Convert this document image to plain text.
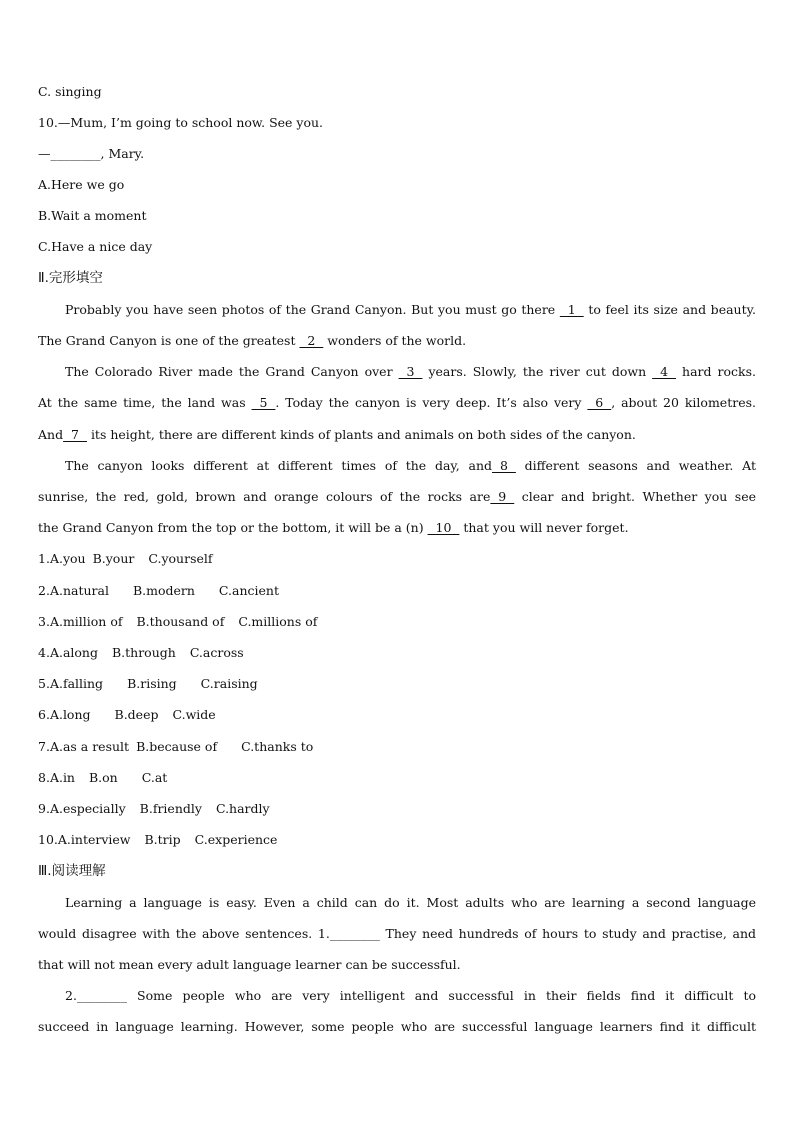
C. singing
10.—Mum, I’m going to school now. See you.
—________, Mary.
A.Here we go
B.Wait a moment
C.Have a nice day
Ⅱ.完形填空
Probably you have seen photos of the Grand Canyon. But you must go there   1   to feel its size and beauty.
The Grand Canyon is one of the greatest   2   wonders of the world.
The Colorado River made the Grand Canyon over   3   years. Slowly, the river cut down   4   hard rocks.
At the same time, the land was   5  . Today the canyon is very deep. It’s also very   6  , about 20 kilometres.
And  7   its height, there are different kinds of plants and animals on both sides of the canyon.
The canyon looks different at different times of the day, and  8   different seasons and weather. At
sunrise, the red, gold, brown and orange colours of the rocks are  9   clear and bright. Whether you see
the Grand Canyon from the top or the bottom, it will be a (n)   10   that you will never forget.
1.A.you B.your C.yourself
2.A.natural B.modern C.ancient
3.A.million of B.thousand of C.millions of
4.A.along B.through C.across
5.A.falling B.rising C.raising
6.A.long B.deep C.wide
7.A.as a result B.because of C.thanks to
8.A.in B.on C.at
9.A.especially B.friendly C.hardly
10.A.interview B.trip C.experience
Ⅲ.阅读理解
Learning a language is easy. Even a child can do it. Most adults who are learning a second language
would disagree with the above sentences. 1.________ They need hundreds of hours to study and practise, and
that will not mean every adult language learner can be successful.
2.________ Some people who are very intelligent and successful in their fields find it difficult to
succeed in language learning. However, some people who are successful language learners find it difficult
